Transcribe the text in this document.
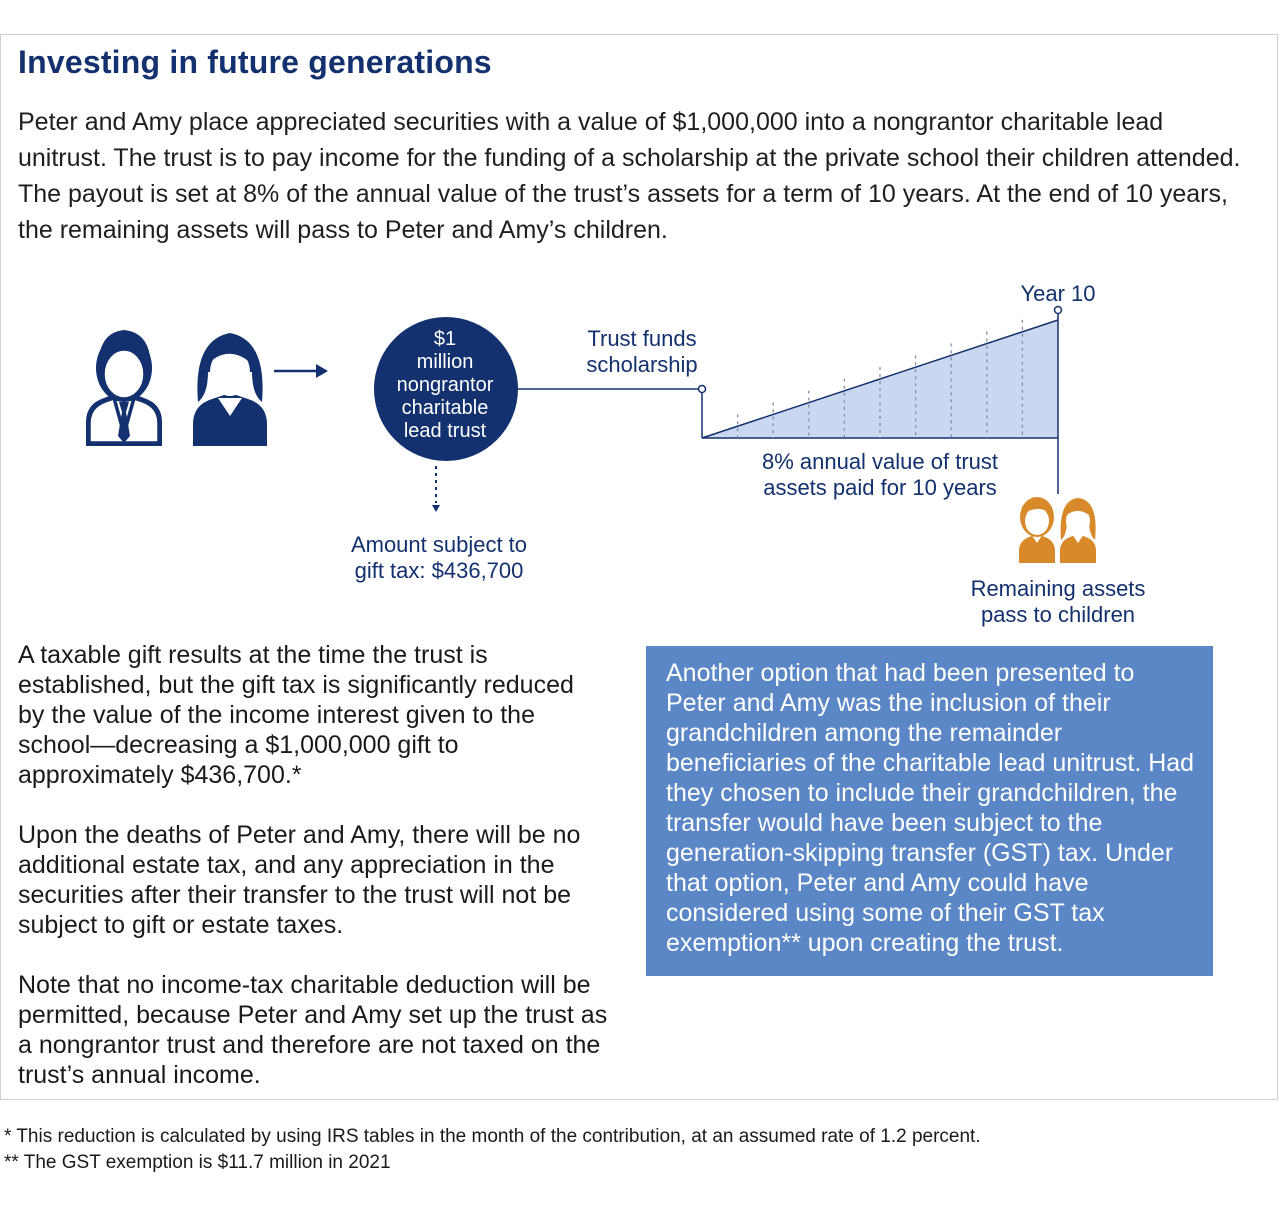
Investing in future generations

Peter and Amy place appreciated securities with a value of $1,000,000 into a nongrantor charitable lead unitrust. The trust is to pay income for the funding of a scholarship at the private school their children attended. The payout is set at 8% of the annual value of the trust’s assets for a term of 10 years. At the end of 10 years, the remaining assets will pass to Peter and Amy’s children.

$1
million
nongrantor
charitable
lead trust
Trust funds
scholarship
Year 10
8% annual value of trust
assets paid for 10 years
Amount subject to
gift tax: $436,700
Remaining assets
pass to children

A taxable gift results at the time the trust is established, but the gift tax is significantly reduced by the value of the income interest given to the school—decreasing a $1,000,000 gift to approximately $436,700.*

Upon the deaths of Peter and Amy, there will be no additional estate tax, and any appreciation in the securities after their transfer to the trust will not be subject to gift or estate taxes.

Note that no income-tax charitable deduction will be permitted, because Peter and Amy set up the trust as a nongrantor trust and therefore are not taxed on the trust’s annual income.

Another option that had been presented to Peter and Amy was the inclusion of their grandchildren among the remainder beneficiaries of the charitable lead unitrust. Had they chosen to include their grandchildren, the transfer would have been subject to the generation-skipping transfer (GST) tax. Under that option, Peter and Amy could have considered using some of their GST tax exemption** upon creating the trust.

* This reduction is calculated by using IRS tables in the month of the contribution, at an assumed rate of 1.2 percent.

** The GST exemption is $11.7 million in 2021
